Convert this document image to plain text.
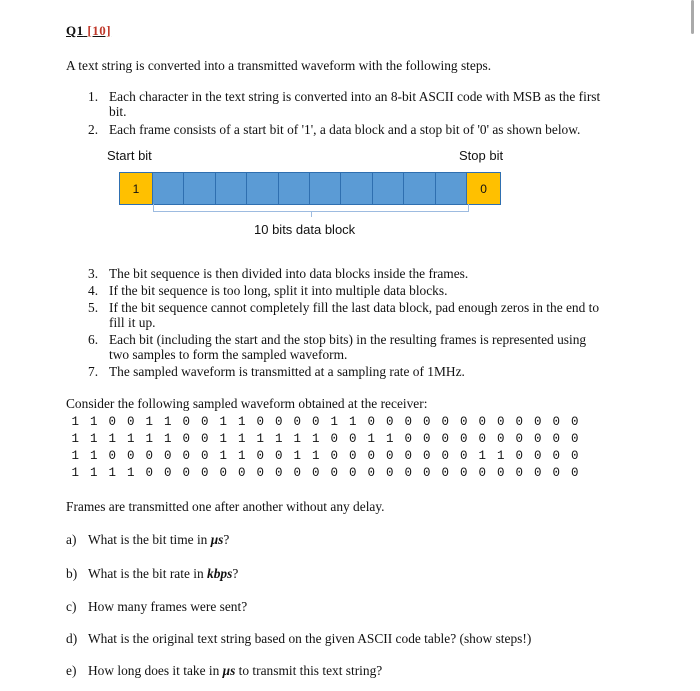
Q1 [10]
A text string is converted into a transmitted waveform with the following steps.
1. Each character in the text string is converted into an 8-bit ASCII code with MSB as the first
bit.
2. Each frame consists of a start bit of '1', a data block and a stop bit of '0' as shown below.
Start bit	Stop bit
1	0
10 bits data block
3. The bit sequence is then divided into data blocks inside the frames.
4. If the bit sequence is too long, split it into multiple data blocks.
5. If the bit sequence cannot completely fill the last data block, pad enough zeros in the end to
fill it up.
6. Each bit (including the start and the stop bits) in the resulting frames is represented using
two samples to form the sampled waveform.
7. The sampled waveform is transmitted at a sampling rate of 1MHz.
Consider the following sampled waveform obtained at the receiver:
1 1 0 0 1 1 0 0 1 1 0 0 0 0 1 1 0 0 0 0 0 0 0 0 0 0 0 0
1 1 1 1 1 1 0 0 1 1 1 1 1 1 0 0 1 1 0 0 0 0 0 0 0 0 0 0
1 1 0 0 0 0 0 0 1 1 0 0 1 1 0 0 0 0 0 0 0 0 1 1 0 0 0 0
1 1 1 1 0 0 0 0 0 0 0 0 0 0 0 0 0 0 0 0 0 0 0 0 0 0 0 0
Frames are transmitted one after another without any delay.
a) What is the bit time in μs?
b) What is the bit rate in kbps?
c) How many frames were sent?
d) What is the original text string based on the given ASCII code table? (show steps!)
e) How long does it take in μs to transmit this text string?
